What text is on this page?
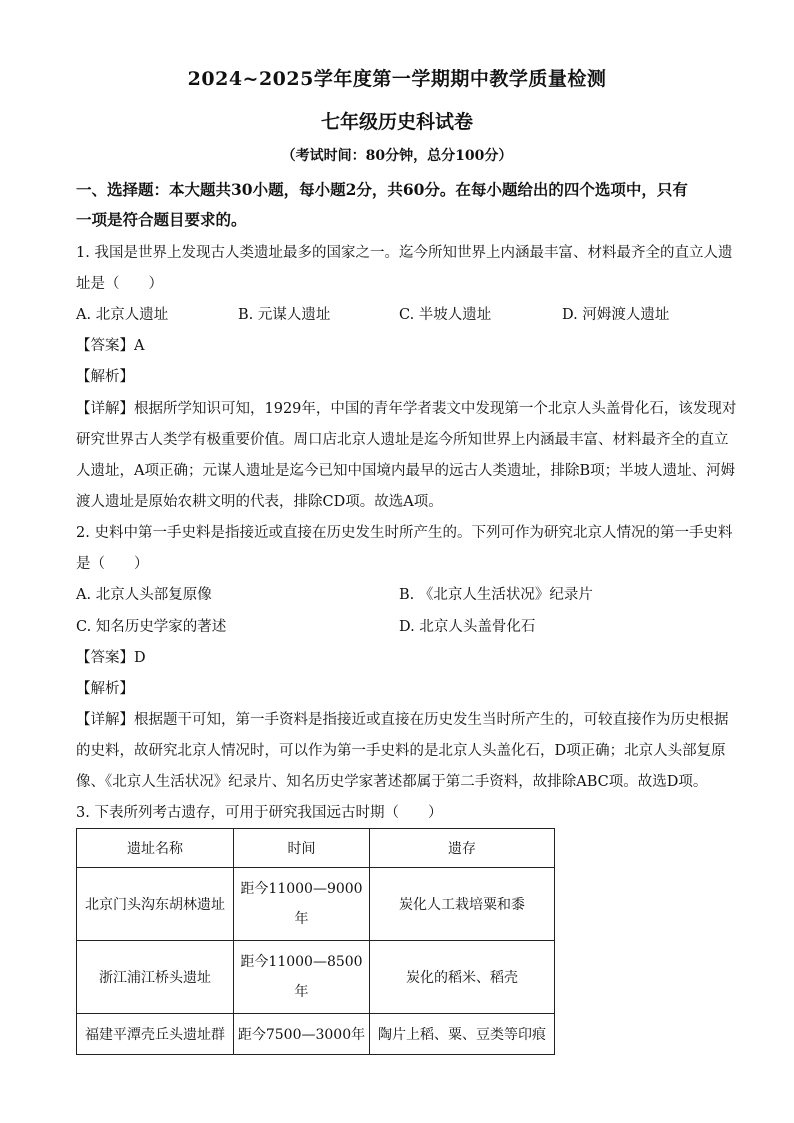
2024~2025学年度第一学期期中教学质量检测
七年级历史科试卷
（考试时间：80分钟，总分100分）
一、选择题：本大题共30小题，每小题2分，共60分。在每小题给出的四个选项中，只有
一项是符合题目要求的。
1. 我国是世界上发现古人类遗址最多的国家之一。迄今所知世界上内涵最丰富、材料最齐全的直立人遗
址是（　　）
A. 北京人遗址	B. 元谋人遗址	C. 半坡人遗址	D. 河姆渡人遗址
【答案】A
【解析】
【详解】根据所学知识可知，1929年，中国的青年学者裴文中发现第一个北京人头盖骨化石，该发现对
研究世界古人类学有极重要价值。周口店北京人遗址是迄今所知世界上内涵最丰富、材料最齐全的直立
人遗址，A项正确；元谋人遗址是迄今已知中国境内最早的远古人类遗址，排除B项；半坡人遗址、河姆
渡人遗址是原始农耕文明的代表，排除CD项。故选A项。
2. 史料中第一手史料是指接近或直接在历史发生时所产生的。下列可作为研究北京人情况的第一手史料
是（　　）
A. 北京人头部复原像	B. 《北京人生活状况》纪录片
C. 知名历史学家的著述	D. 北京人头盖骨化石
【答案】D
【解析】
【详解】根据题干可知，第一手资料是指接近或直接在历史发生当时所产生的，可较直接作为历史根据
的史料，故研究北京人情况时，可以作为第一手史料的是北京人头盖化石，D项正确；北京人头部复原
像、《北京人生活状况》纪录片、知名历史学家著述都属于第二手资料，故排除ABC项。故选D项。
3. 下表所列考古遗存，可用于研究我国远古时期（　　）
遗址名称	时间	遗存
北京门头沟东胡林遗址	距今11000—9000
年	炭化人工栽培粟和黍
浙江浦江桥头遗址	距今11000—8500
年	炭化的稻米、稻壳
福建平潭壳丘头遗址群	距今7500—3000年	陶片上稻、粟、豆类等印痕
